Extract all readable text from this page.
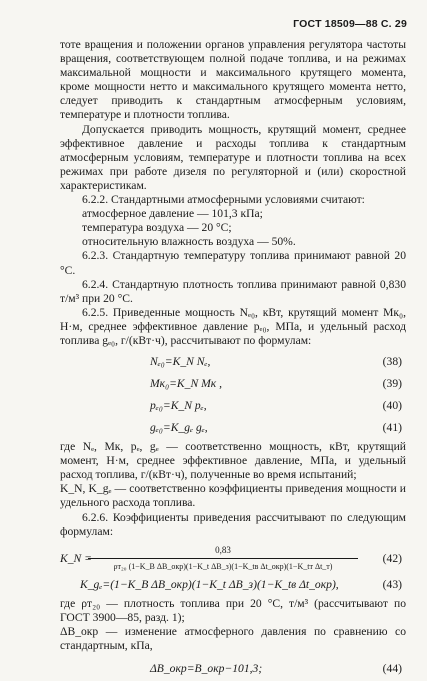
ГОСТ 18509—88 С. 29

тоте вращения и положении органов управления регулятора частоты вращения, соответствующем полной подаче топлива, и на режимах максимальной мощности и максимального крутящего момента, кроме мощности нетто и максимального крутящего момента нетто, следует приводить к стандартным атмосферным условиям, температуре и плотности топлива.

Допускается приводить мощность, крутящий момент, среднее эффективное давление и расходы топлива к стандартным атмосферным условиям, температуре и плотности топлива на всех режимах при работе дизеля по регуляторной и (или) скоростной характеристикам.

6.2.2. Стандартными атмосферными условиями считают:

атмосферное давление — 101,3 кПа;

температура воздуха — 20 °С;

относительную влажность воздуха — 50%.

6.2.3. Стандартную температуру топлива принимают равной 20 °С.

6.2.4. Стандартную плотность топлива принимают равной 0,830 т/м³ при 20 °С.

6.2.5. Приведенные мощность Nₑ₀, кВт, крутящий момент Mк₀, Н·м, среднее эффективное давление pₑ₀, МПа, и удельный расход топлива gₑ₀, г/(кВт·ч), рассчитывают по формулам:

Nₑ₀=K_N Nₑ,	(38)
Mк₀=K_N Mк ,	(39)
pₑ₀=K_N pₑ,	(40)
gₑ₀=K_gₑ gₑ,	(41)

где Nₑ, Mк, pₑ, gₑ — соответственно мощность, кВт, крутящий момент, Н·м, среднее эффективное давление, МПа, и удельный расход топлива, г/(кВт·ч), полученные во время испытаний;

K_N, K_gₑ — соответственно коэффициенты приведения мощности и удельного расхода топлива.

6.2.6. Коэффициенты приведения рассчитывают по следующим формулам:

K_N =
0,83
ρт₂₀ (1−K_B ΔB_окр)(1−K_t ΔB_з)(1−K_tв Δt_окр)(1−K_tт Δt_т)
(42)
K_gₑ=(1−K_B ΔB_окр)(1−K_t ΔB_з)(1−K_tв Δt_окр),	(43)

где ρт₂₀ — плотность топлива при 20 °С, т/м³ (рассчитывают по ГОСТ 3900—85, разд. 1);

ΔB_окр — изменение атмосферного давления по сравнению со стандартным, кПа,

ΔB_окр=B_окр−101,3;	(44)
